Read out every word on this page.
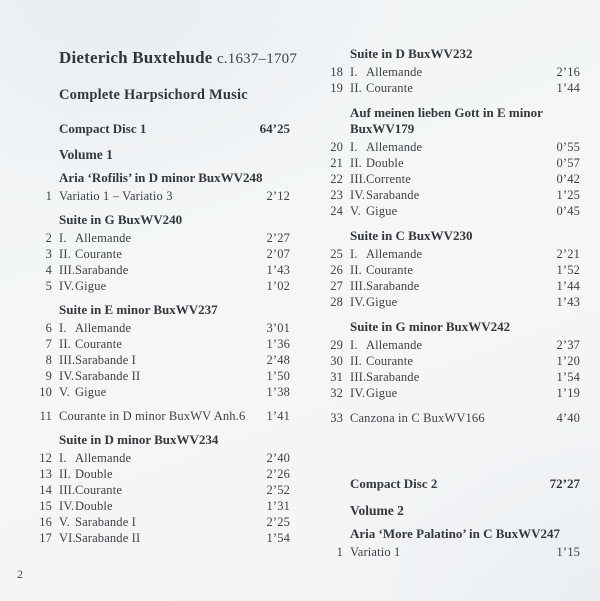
Dieterich Buxtehude c.1637–1707
Complete Harpsichord Music
Compact Disc 1	64’25
Volume 1
Aria ‘Rofilis’ in D minor BuxWV248
1 Variatio 1 – Variatio 3	2’12
Suite in G BuxWV240
2 I. Allemande	2’27
3 II. Courante	2’07
4 III. Sarabande	1’43
5 IV. Gigue	1’02
Suite in E minor BuxWV237
6 I. Allemande	3’01
7 II. Courante	1’36
8 III. Sarabande I	2’48
9 IV. Sarabande II	1’50
10 V. Gigue	1’38
11 Courante in D minor BuxWV Anh.6	1’41
Suite in D minor BuxWV234
12 I. Allemande	2’40
13 II. Double	2’26
14 III. Courante	2’52
15 IV. Double	1’31
16 V. Sarabande I	2’25
17 VI. Sarabande II	1’54
Suite in D BuxWV232
18 I. Allemande	2’16
19 II. Courante	1’44
Auf meinen lieben Gott in E minor
BuxWV179
20 I. Allemande	0’55
21 II. Double	0’57
22 III. Corrente	0’42
23 IV. Sarabande	1’25
24 V. Gigue	0’45
Suite in C BuxWV230
25 I. Allemande	2’21
26 II. Courante	1’52
27 III. Sarabande	1’44
28 IV. Gigue	1’43
Suite in G minor BuxWV242
29 I. Allemande	2’37
30 II. Courante	1’20
31 III. Sarabande	1’54
32 IV. Gigue	1’19
33 Canzona in C BuxWV166	4’40
Compact Disc 2	72’27
Volume 2
Aria ‘More Palatino’ in C BuxWV247
1 Variatio 1	1’15
2
